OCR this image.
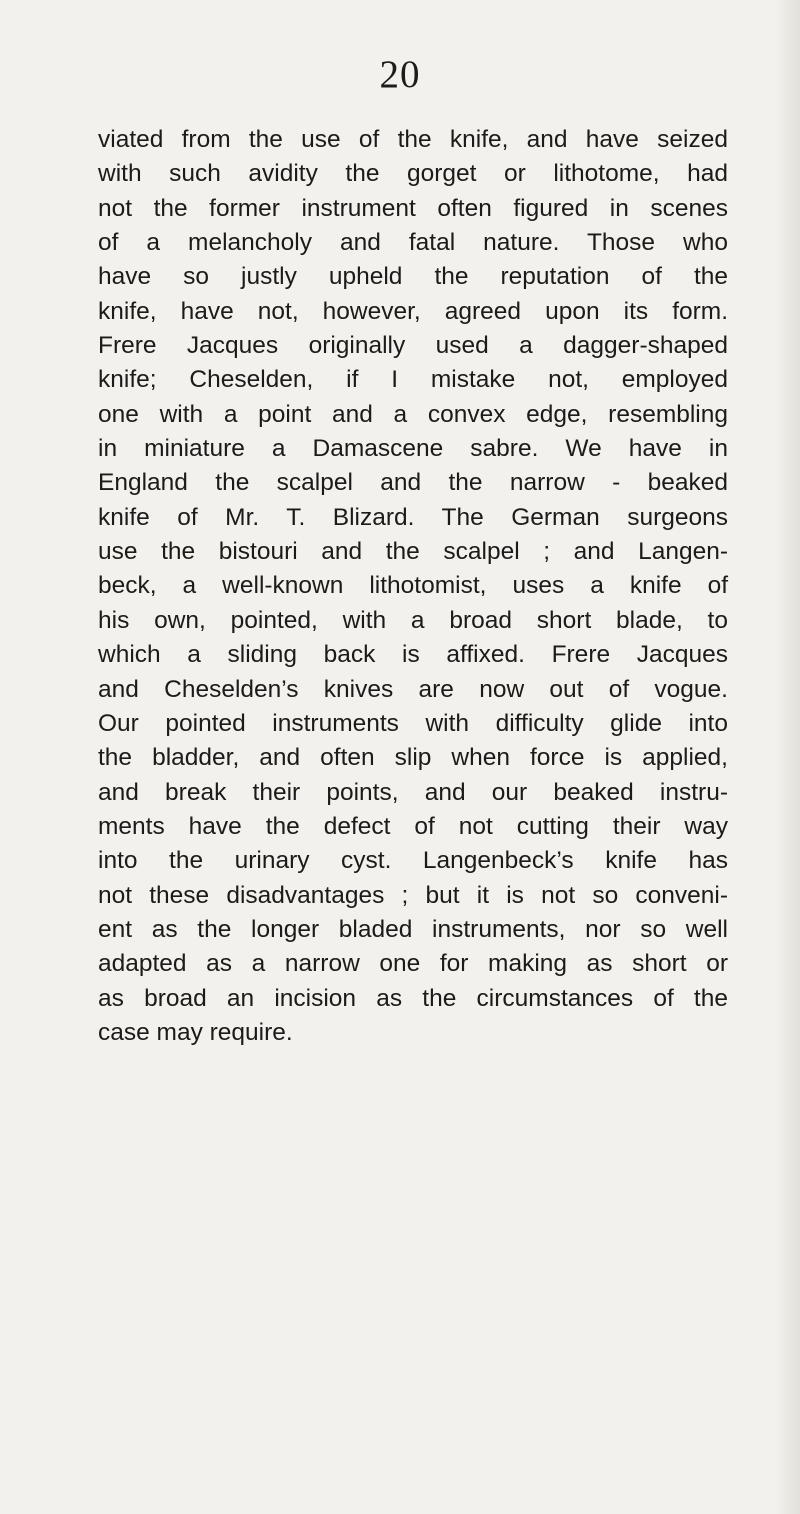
20
viated from the use of the knife, and have seized
with such avidity the gorget or lithotome, had
not the former instrument often figured in scenes
of a melancholy and fatal nature. Those who
have so justly upheld the reputation of the
knife, have not, however, agreed upon its form.
Frere Jacques originally used a dagger-shaped
knife; Cheselden, if I mistake not, employed
one with a point and a convex edge, resembling
in miniature a Damascene sabre. We have in
England the scalpel and the narrow - beaked
knife of Mr. T. Blizard. The German surgeons
use the bistouri and the scalpel ; and Langen-
beck, a well-known lithotomist, uses a knife of
his own, pointed, with a broad short blade, to
which a sliding back is affixed. Frere Jacques
and Cheselden’s knives are now out of vogue.
Our pointed instruments with difficulty glide into
the bladder, and often slip when force is applied,
and break their points, and our beaked instru-
ments have the defect of not cutting their way
into the urinary cyst. Langenbeck’s knife has
not these disadvantages ; but it is not so conveni-
ent as the longer bladed instruments, nor so well
adapted as a narrow one for making as short or
as broad an incision as the circumstances of the
case may require.
